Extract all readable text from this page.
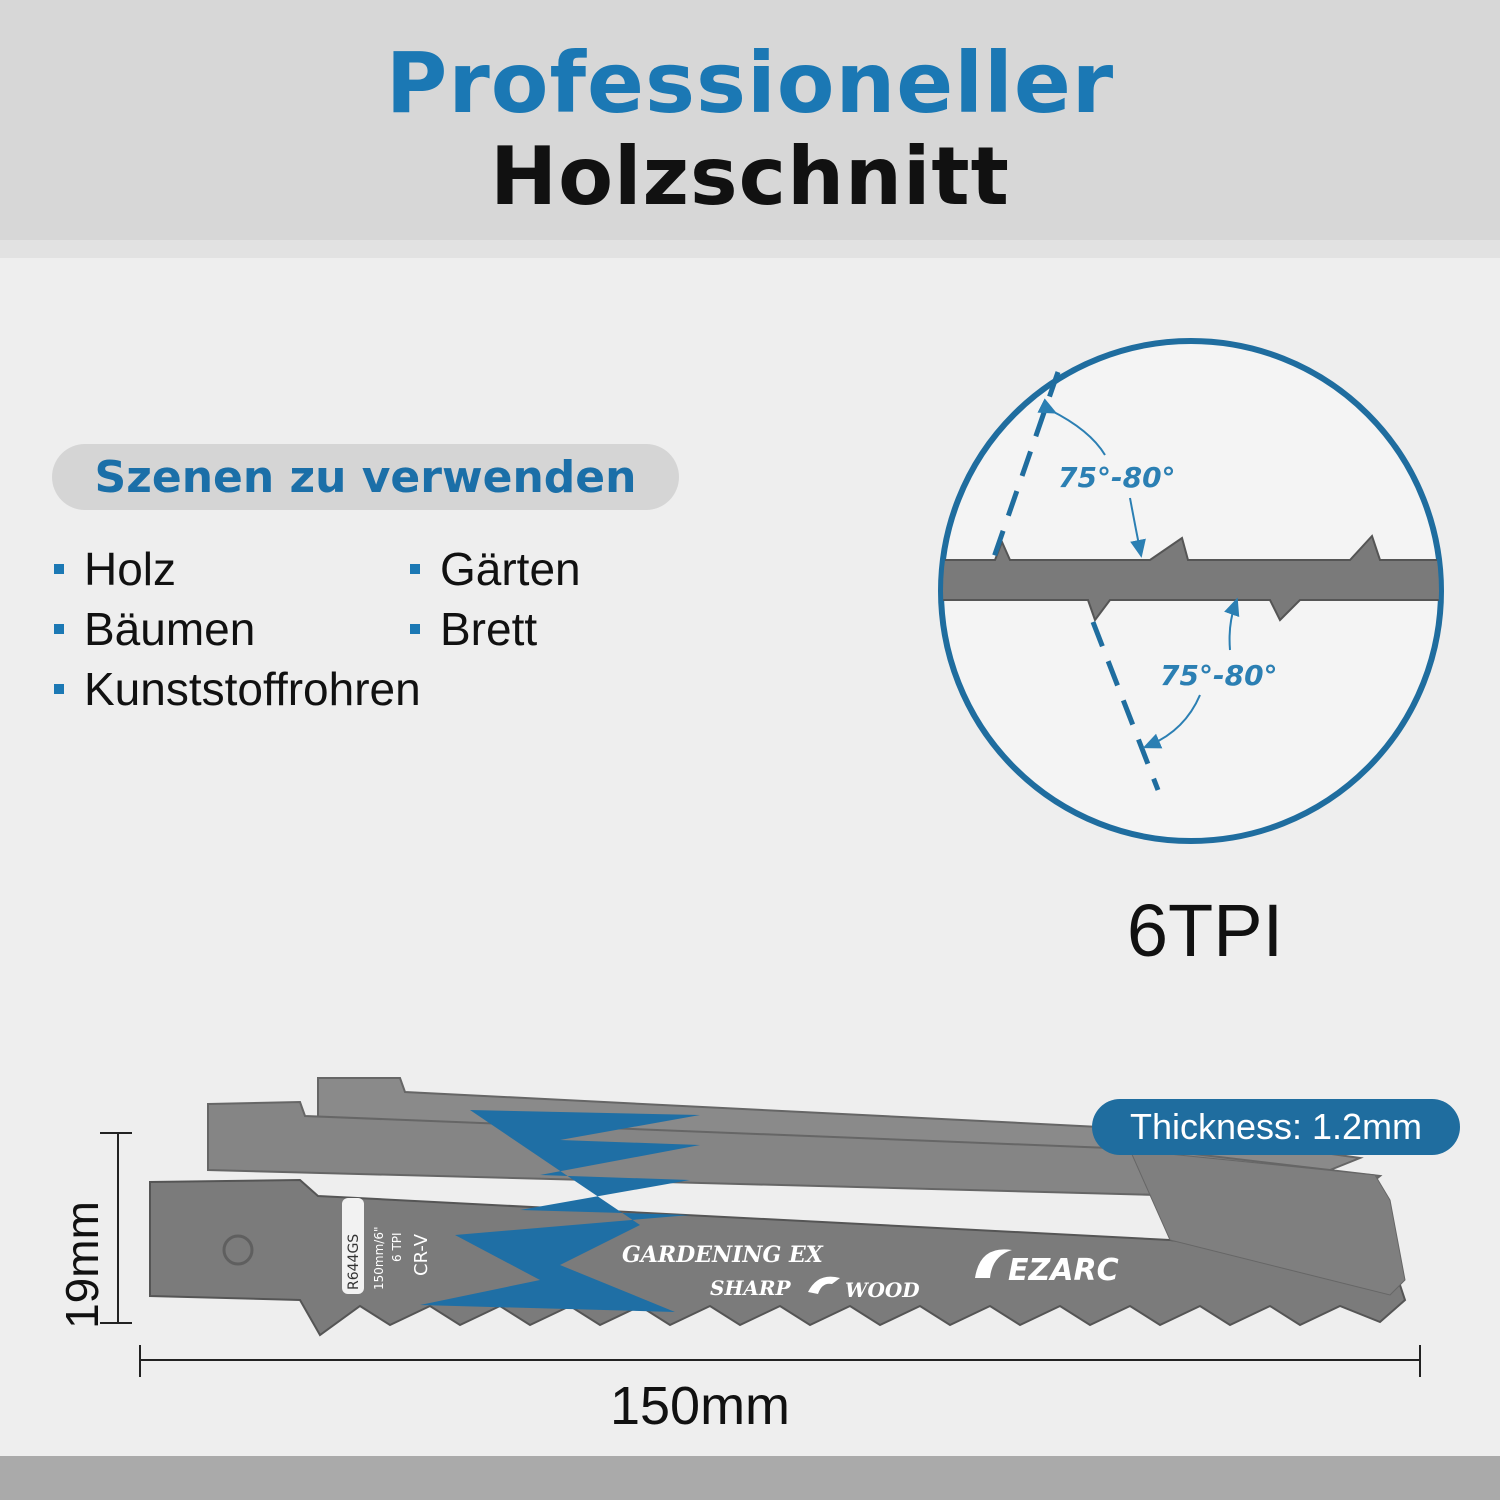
Professioneller
Holzschnitt
Szenen zu verwenden
Holz	Gärten
Bäumen	Brett
Kunststoffrohren
75°-80°
75°-80°
R644GS 150mm/6" 6 TPI CR-V	GARDENING EX
SHARP	WOOD
EZARC
6TPI
Thickness: 1.2mm
19mm
150mm
